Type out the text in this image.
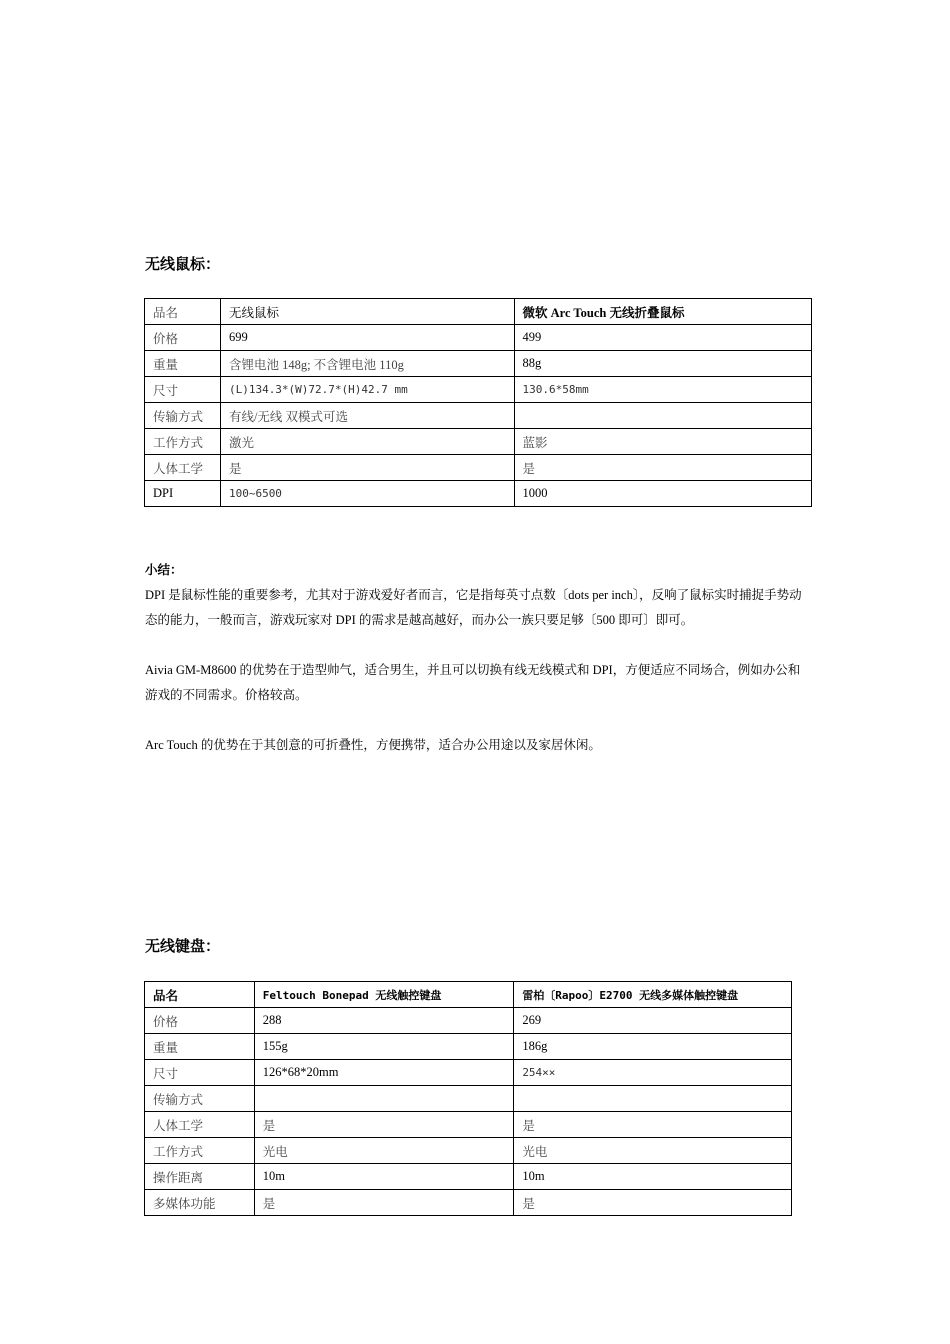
无线鼠标：
品名	无线鼠标	微软 Arc Touch 无线折叠鼠标
价格	699	499
重量	含锂电池 148g; 不含锂电池 110g	88g
尺寸	(L)134.3*(W)72.7*(H)42.7 mm	130.6*58mm
传输方式	有线/无线 双模式可选	
工作方式	激光	蓝影
人体工学	是	是
DPI	100~6500	1000

小结：

DPI 是鼠标性能的重要参考，尤其对于游戏爱好者而言，它是指每英寸点数〔dots per inch〕，反响了鼠标实时捕捉手势动态的能力，一般而言，游戏玩家对 DPI 的需求是越高越好，而办公一族只要足够〔500 即可〕即可。

Aivia GM-M8600 的优势在于造型帅气，适合男生，并且可以切换有线无线模式和 DPI，方便适应不同场合，例如办公和游戏的不同需求。价格较高。

Arc Touch 的优势在于其创意的可折叠性，方便携带，适合办公用途以及家居休闲。

无线键盘：
品名	Feltouch Bonepad 无线触控键盘	雷柏〔Rapoo〕E2700 无线多媒体触控键盘
价格	288	269
重量	155g	186g
尺寸	126*68*20mm	254××
传输方式		
人体工学	是	是
工作方式	光电	光电
操作距离	10m	10m
多媒体功能	是	是
